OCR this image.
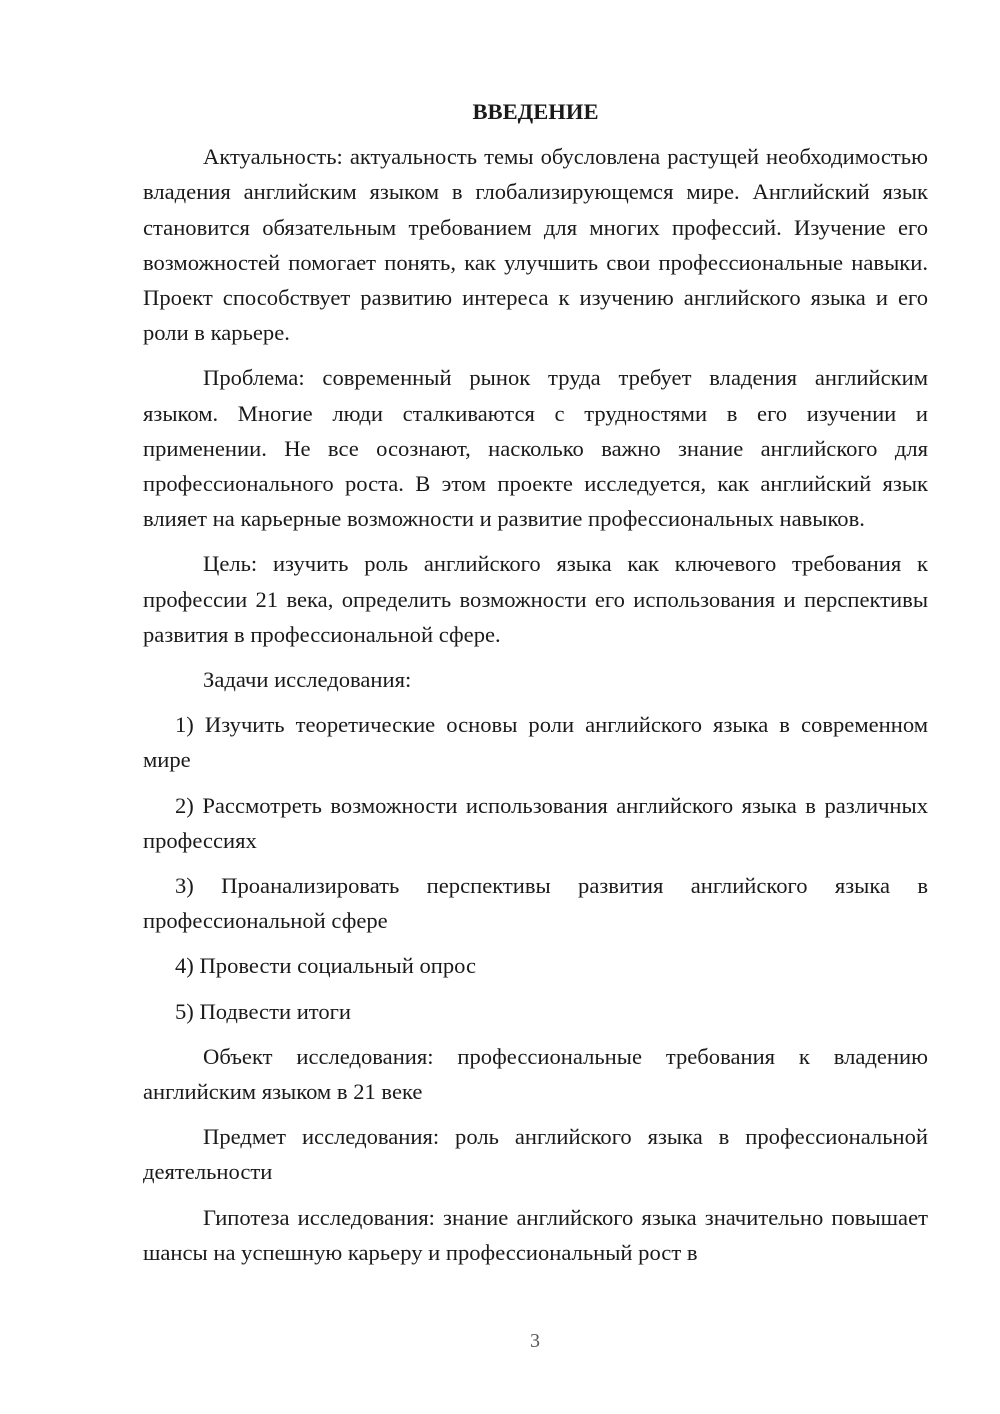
ВВЕДЕНИЕ

Актуальность: актуальность темы обусловлена растущей необходимостью владения английским языком в глобализирующемся мире. Английский язык становится обязательным требованием для многих профессий. Изучение его возможностей помогает понять, как улучшить свои профессиональные навыки. Проект способствует развитию интереса к изучению английского языка и его роли в карьере.

Проблема: современный рынок труда требует владения английским языком. Многие люди сталкиваются с трудностями в его изучении и применении. Не все осознают, насколько важно знание английского для профессионального роста. В этом проекте исследуется, как английский язык влияет на карьерные возможности и развитие профессиональных навыков.

Цель: изучить роль английского языка как ключевого требования к профессии 21 века, определить возможности его использования и перспективы развития в профессиональной сфере.

Задачи исследования:

1) Изучить теоретические основы роли английского языка в современном мире

2) Рассмотреть возможности использования английского языка в различных профессиях

3) Проанализировать перспективы развития английского языка в профессиональной сфере

4) Провести социальный опрос

5) Подвести итоги

Объект исследования: профессиональные требования к владению английским языком в 21 веке

Предмет исследования: роль английского языка в профессиональной деятельности

Гипотеза исследования: знание английского языка значительно повышает шансы на успешную карьеру и профессиональный рост в

3
